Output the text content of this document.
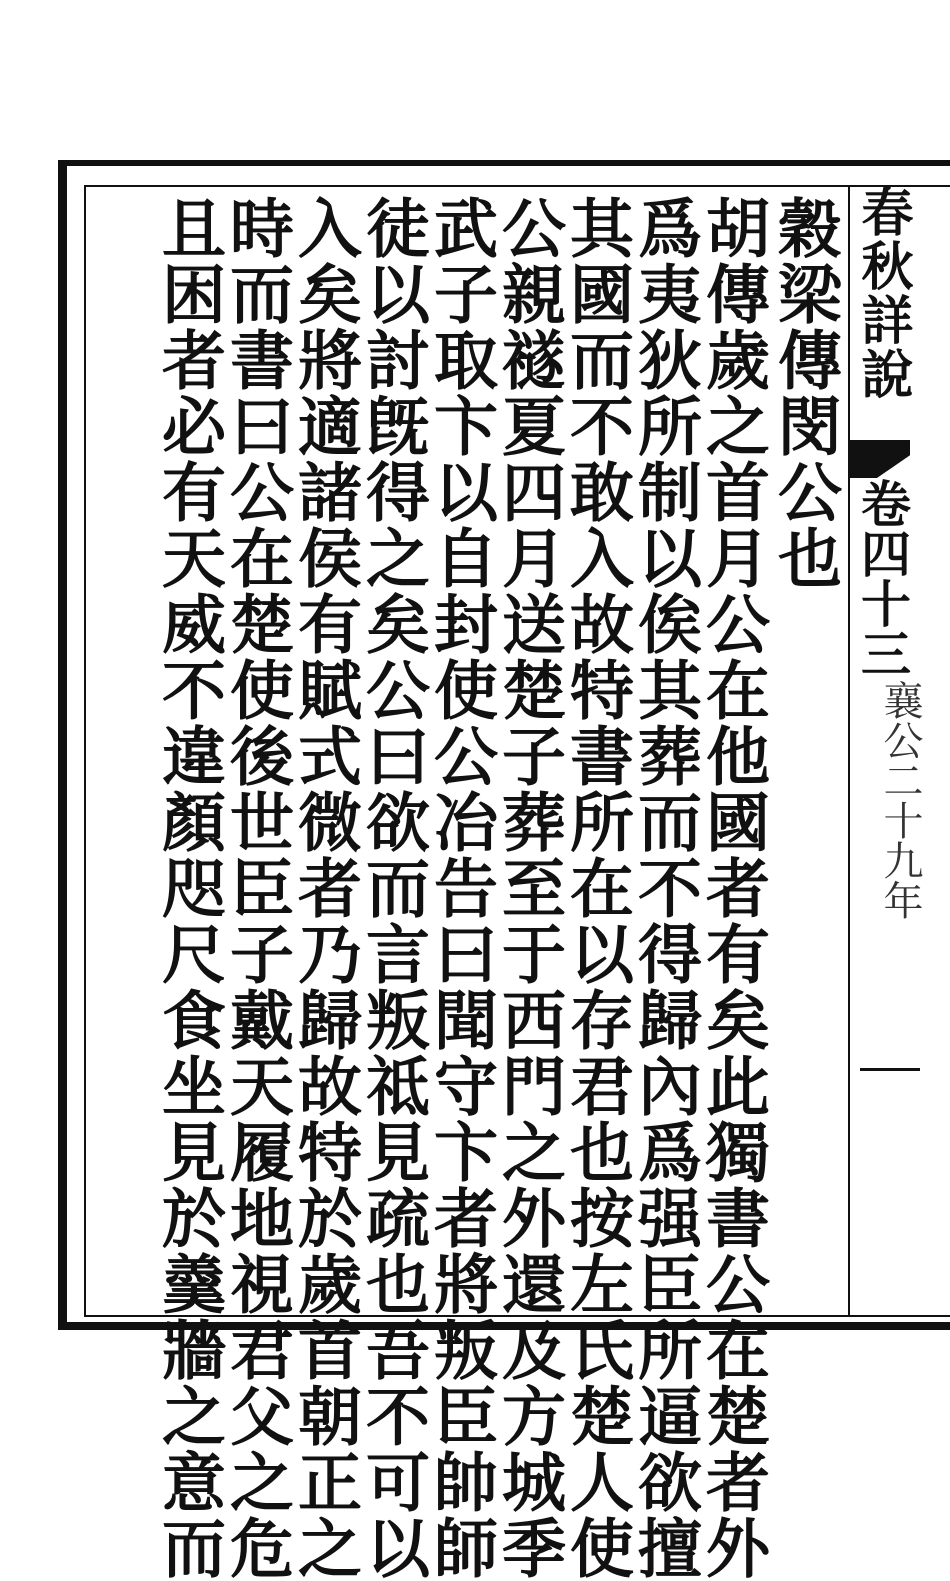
春秋詳說
卷四十三
襄公二十九年
穀梁傳閔公也
胡傳歲之首月公在他國者有矣此獨書公在楚者外
爲夷狄所制以俟其葬而不得歸內爲强臣所逼欲擅
其國而不敢入故特書所在以存君也按左氏楚人使
公親襚夏四月送楚子葬至于西門之外還及方城季
武子取卞以自封使公冶告曰聞守卞者將叛臣帥師
徒以討旣得之矣公曰欲而言叛祗見疏也吾不可以
入矣將適諸侯有賦式微者乃歸故特於歲首朝正之
時而書曰公在楚使後世臣子戴天履地視君父之危
且困者必有天威不違顏咫尺食坐見於羹牆之意而
